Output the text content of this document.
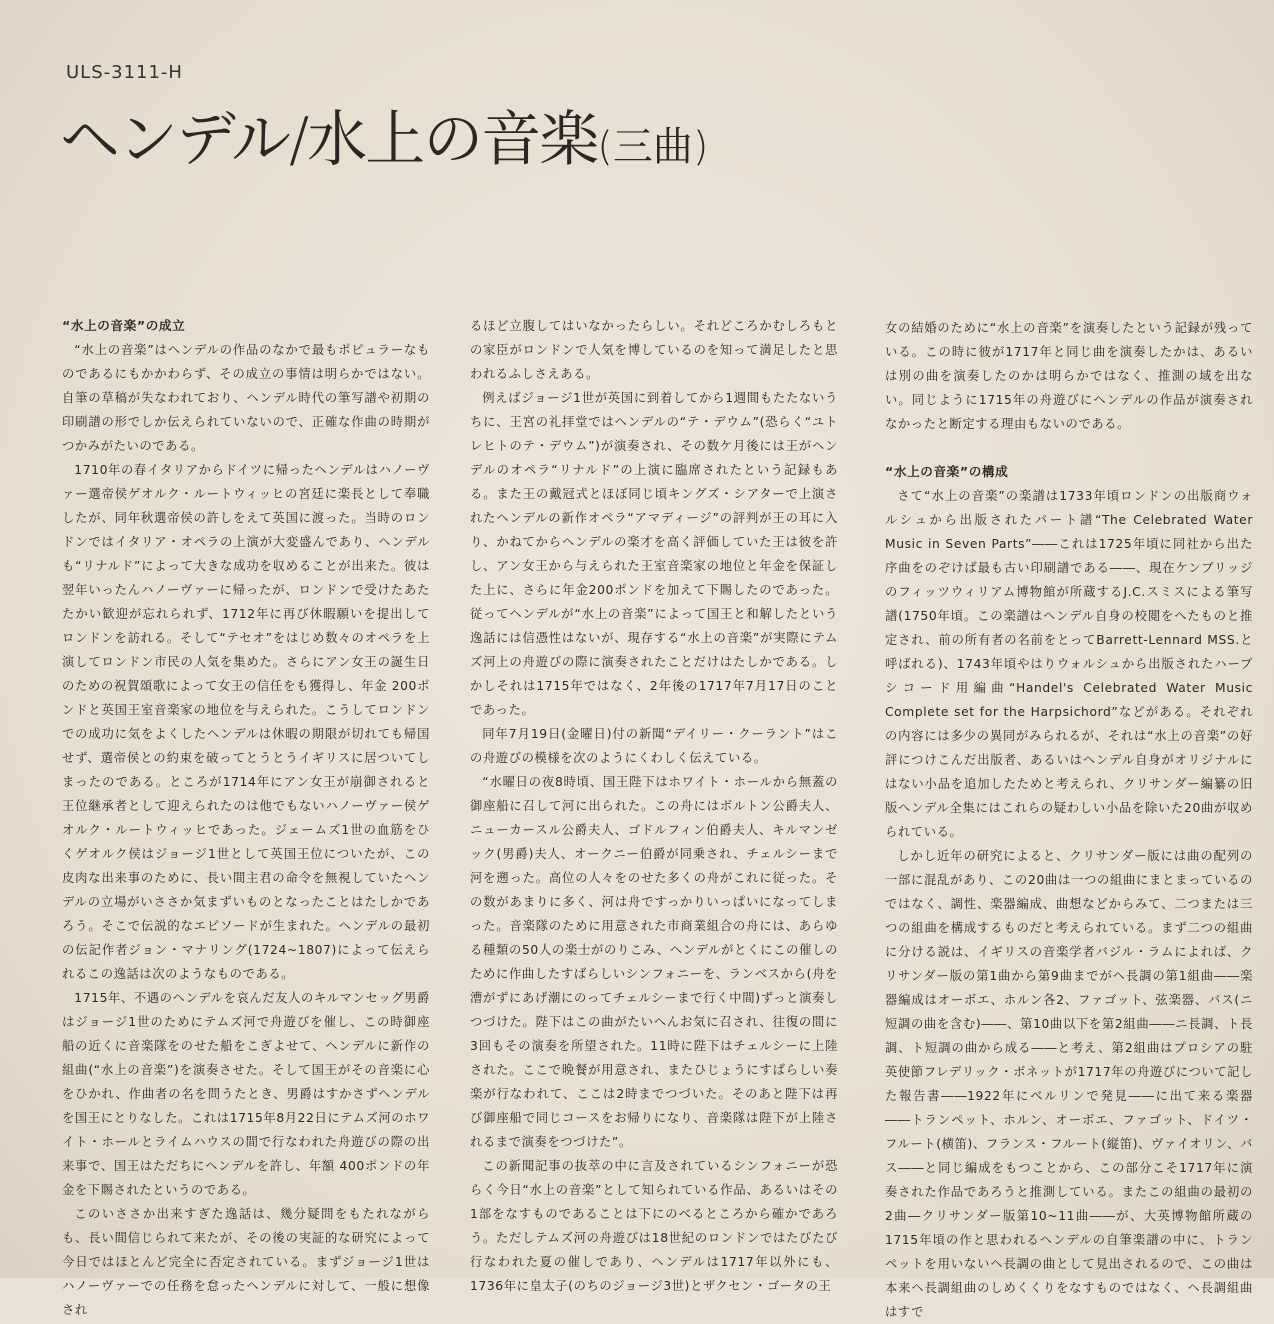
ULS-3111-H
ヘンデル/水上の音楽(三曲)
“水上の音楽”の成立

“水上の音楽”はヘンデルの作品のなかで最もポピュラーなものであるにもかかわらず、その成立の事情は明らかではない。自筆の草稿が失なわれており、ヘンデル時代の筆写譜や初期の印刷譜の形でしか伝えられていないので、正確な作曲の時期がつかみがたいのである。

1710年の春イタリアからドイツに帰ったヘンデルはハノーヴァー選帝侯ゲオルク・ルートウィッヒの宮廷に楽長として奉職したが、同年秋選帝侯の許しをえて英国に渡った。当時のロンドンではイタリア・オペラの上演が大変盛んであり、ヘンデルも“リナルド”によって大きな成功を収めることが出来た。彼は翌年いったんハノーヴァーに帰ったが、ロンドンで受けたあたたかい歓迎が忘れられず、1712年に再び休暇願いを提出してロンドンを訪れる。そして“テセオ”をはじめ数々のオペラを上演してロンドン市民の人気を集めた。さらにアン女王の誕生日のための祝賀頌歌によって女王の信任をも獲得し、年金 200ポンドと英国王室音楽家の地位を与えられた。こうしてロンドンでの成功に気をよくしたヘンデルは休暇の期限が切れても帰国せず、選帝侯との約束を破ってとうとうイギリスに居ついてしまったのである。ところが1714年にアン女王が崩御されると王位継承者として迎えられたのは他でもないハノーヴァー侯ゲオルク・ルートウィッヒであった。ジェームズ1世の血筋をひくゲオルク侯はジョージ1世として英国王位についたが、この皮肉な出来事のために、長い間主君の命令を無視していたヘンデルの立場がいささか気まずいものとなったことはたしかであろう。そこで伝説的なエピソードが生まれた。ヘンデルの最初の伝記作者ジョン・マナリング(1724~1807)によって伝えられるこの逸話は次のようなものである。

1715年、不遇のヘンデルを哀んだ友人のキルマンセッグ男爵はジョージ1世のためにテムズ河で舟遊びを催し、この時御座船の近くに音楽隊をのせた船をこぎよせて、ヘンデルに新作の組曲(“水上の音楽”)を演奏させた。そして国王がその音楽に心をひかれ、作曲者の名を問うたとき、男爵はすかさずヘンデルを国王にとりなした。これは1715年8月22日にテムズ河のホワイト・ホールとライムハウスの間で行なわれた舟遊びの際の出来事で、国王はただちにヘンデルを許し、年額 400ポンドの年金を下賜されたというのである。

このいささか出来すぎた逸話は、幾分疑問をもたれながらも、長い間信じられて来たが、その後の実証的な研究によって今日ではほとんど完全に否定されている。まずジョージ1世はハノーヴァーでの任務を怠ったヘンデルに対して、一般に想像され

るほど立腹してはいなかったらしい。それどころかむしろもとの家臣がロンドンで人気を博しているのを知って満足したと思われるふしさえある。

例えばジョージ1世が英国に到着してから1週間もたたないうちに、王宮の礼拝堂ではヘンデルの“テ・デウム”(恐らく“ユトレヒトのテ・デウム”)が演奏され、その数ケ月後には王がヘンデルのオペラ“リナルド”の上演に臨席されたという記録もある。また王の戴冠式とほぼ同じ頃キングズ・シアターで上演されたヘンデルの新作オペラ“アマディージ”の評判が王の耳に入り、かねてからヘンデルの楽才を高く評価していた王は彼を許し、アン女王から与えられた王室音楽家の地位と年金を保証した上に、さらに年金200ポンドを加えて下賜したのであった。従ってヘンデルが“水上の音楽”によって国王と和解したという逸話には信憑性はないが、現存する“水上の音楽”が実際にテムズ河上の舟遊びの際に演奏されたことだけはたしかである。しかしそれは1715年ではなく、2年後の1717年7月17日のことであった。

同年7月19日(金曜日)付の新聞“デイリー・クーラント”はこの舟遊びの模様を次のようにくわしく伝えている。

“水曜日の夜8時頃、国王陛下はホワイト・ホールから無蓋の御座船に召して河に出られた。この舟にはボルトン公爵夫人、ニューカースル公爵夫人、ゴドルフィン伯爵夫人、キルマンゼック(男爵)夫人、オークニー伯爵が同乗され、チェルシーまで河を遡った。高位の人々をのせた多くの舟がこれに従った。その数があまりに多く、河は舟ですっかりいっぱいになってしまった。音楽隊のために用意された市商業組合の舟には、あらゆる種類の50人の楽士がのりこみ、ヘンデルがとくにこの催しのために作曲したすばらしいシンフォニーを、ランベスから(舟を漕がずにあげ潮にのってチェルシーまで行く中間)ずっと演奏しつづけた。陛下はこの曲がたいへんお気に召され、往復の間に3回もその演奏を所望された。11時に陛下はチェルシーに上陸された。ここで晩餐が用意され、またひじょうにすばらしい奏楽が行なわれて、ここは2時までつづいた。そのあと陛下は再び御座船で同じコースをお帰りになり、音楽隊は陛下が上陸されるまで演奏をつづけた”。

この新聞記事の抜萃の中に言及されているシンフォニーが恐らく今日“水上の音楽”として知られている作品、あるいはその1部をなすものであることは下にのべるところから確かであろう。ただしテムズ河の舟遊びは18世紀のロンドンではたびたび行なわれた夏の催しであり、ヘンデルは1717年以外にも、1736年に皇太子(のちのジョージ3世)とザクセン・ゴータの王

女の結婚のために“水上の音楽”を演奏したという記録が残っている。この時に彼が1717年と同じ曲を演奏したかは、あるいは別の曲を演奏したのかは明らかではなく、推測の域を出ない。同じように1715年の舟遊びにヘンデルの作品が演奏されなかったと断定する理由もないのである。

“水上の音楽”の構成

さて“水上の音楽”の楽譜は1733年頃ロンドンの出版商ウォルシュから出版されたパート譜“The Celebrated Water Music in Seven Parts”――これは1725年頃に同社から出た序曲をのぞけば最も古い印刷譜である――、現在ケンブリッジのフィッツウィリアム博物館が所蔵するJ.C.スミスによる筆写譜(1750年頃。この楽譜はヘンデル自身の校閲をへたものと推定され、前の所有者の名前をとってBarrett-Lennard MSS.と呼ばれる)、1743年頃やはりウォルシュから出版されたハープシコード用編曲“Handel's Celebrated Water Music Complete set for the Harpsichord”などがある。それぞれの内容には多少の異同がみられるが、それは“水上の音楽”の好評につけこんだ出版者、あるいはヘンデル自身がオリジナルにはない小品を追加したためと考えられ、クリサンダー編纂の旧版ヘンデル全集にはこれらの疑わしい小品を除いた20曲が収められている。

しかし近年の研究によると、クリサンダー版には曲の配列の一部に混乱があり、この20曲は一つの組曲にまとまっているのではなく、調性、楽器編成、曲想などからみて、二つまたは三つの組曲を構成するものだと考えられている。まず二つの組曲に分ける説は、イギリスの音楽学者バジル・ラムによれば、クリサンダー版の第1曲から第9曲までがヘ長調の第1組曲――楽器編成はオーボエ、ホルン各2、ファゴット、弦楽器、バス(ニ短調の曲を含む)――、第10曲以下を第2組曲――ニ長調、ト長調、ト短調の曲から成る――と考え、第2組曲はプロシアの駐英使節フレデリック・ボネットが1717年の舟遊びについて記した報告書――1922年にベルリンで発見――に出て来る楽器――トランペット、ホルン、オーボエ、ファゴット、ドイツ・フルート(横笛)、フランス・フルート(縦笛)、ヴァイオリン、バス――と同じ編成をもつことから、この部分こそ1717年に演奏された作品であろうと推測している。またこの組曲の最初の2曲―クリサンダー版第10~11曲――が、大英博物館所蔵の1715年頃の作と思われるヘンデルの自筆楽譜の中に、トランペットを用いないヘ長調の曲として見出されるので、この曲は本来ヘ長調組曲のしめくくりをなすものではなく、ヘ長調組曲はすで
